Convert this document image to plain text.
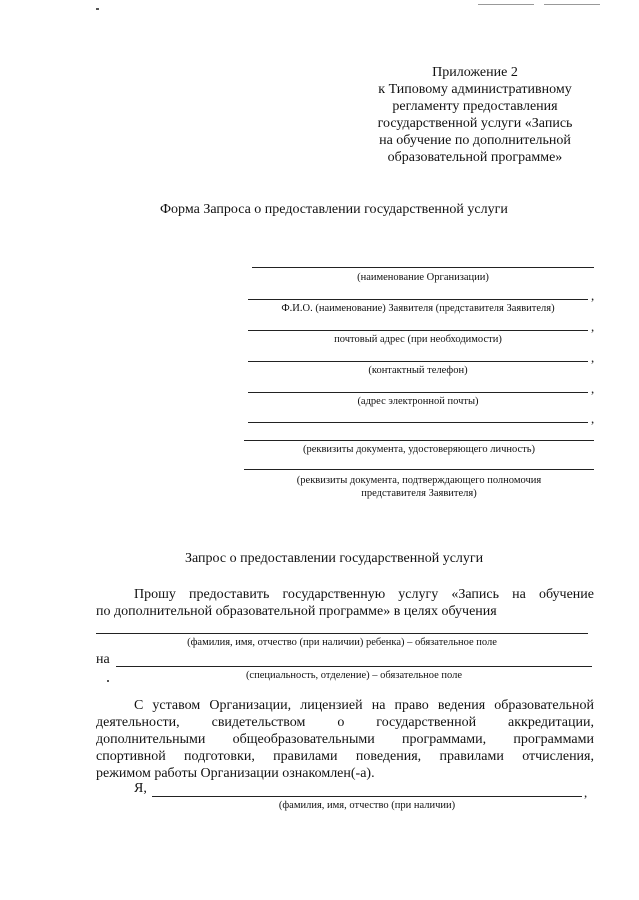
Приложение 2
к Типовому административному
регламенту предоставления
государственной услуги «Запись
на обучение по дополнительной
образовательной программе»
Форма Запроса о предоставлении государственной услуги
(наименование Организации)
,
Ф.И.О. (наименование) Заявителя (представителя Заявителя)
,
почтовый адрес (при необходимости)
,
(контактный телефон)
,
(адрес электронной почты)
,
(реквизиты документа, удостоверяющего личность)
(реквизиты документа, подтверждающего полномочия
представителя Заявителя)
Запрос о предоставлении государственной услуги
Прошу предоставить государственную услугу «Запись на обучение
по дополнительной образовательной программе» в целях обучения
(фамилия, имя, отчество (при наличии) ребенка) – обязательное поле
на
(специальность, отделение) – обязательное поле
С уставом Организации, лицензией на право ведения образовательной
деятельности, свидетельством о государственной аккредитации,
дополнительными общеобразовательными программами, программами
спортивной подготовки, правилами поведения, правилами отчисления,
режимом работы Организации ознакомлен(-а).
Я,	,
(фамилия, имя, отчество (при наличии)
